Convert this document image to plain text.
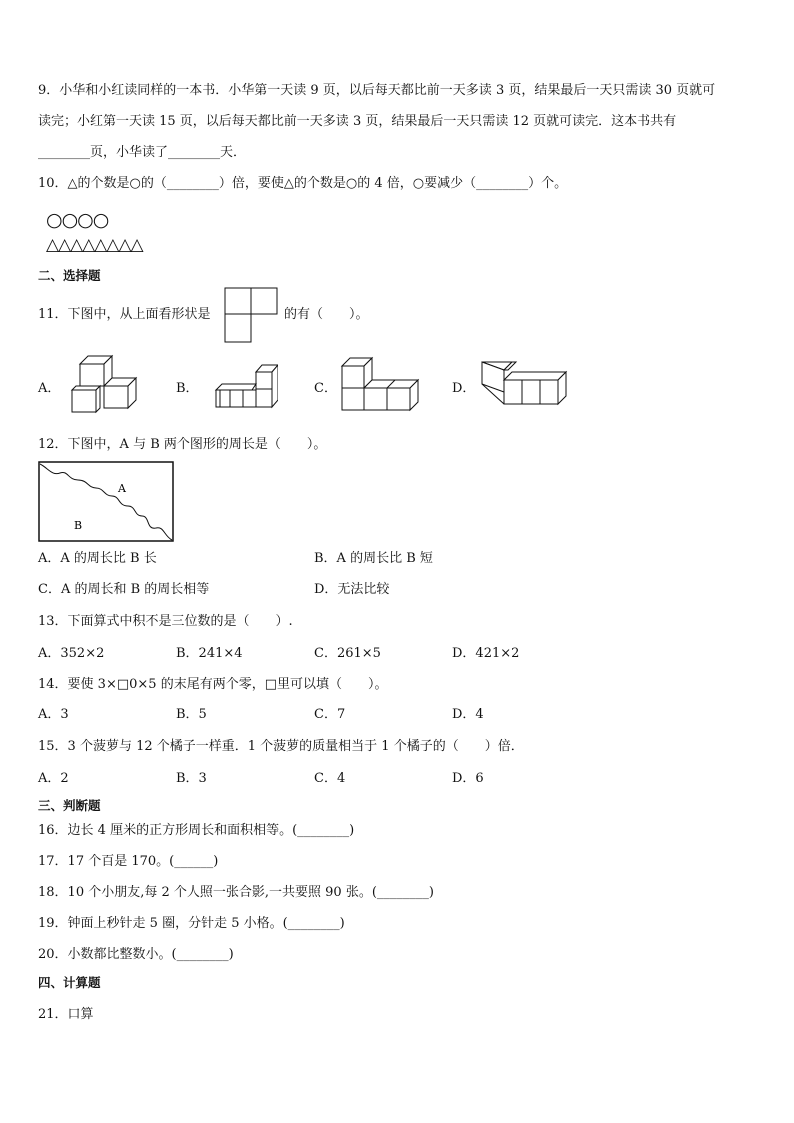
9．小华和小红读同样的一本书．小华第一天读 9 页，以后每天都比前一天多读 3 页，结果最后一天只需读 30 页就可
读完；小红第一天读 15 页，以后每天都比前一天多读 3 页，结果最后一天只需读 12 页就可读完．这本书共有
________页，小华读了________天．
10．△的个数是○的（________）倍，要使△的个数是○的 4 倍，○要减少（________）个。
○○○○
△△△△△△△△
二、选择题
11．下图中，从上面看形状是	的有（　　）。
A．	B．	C．	D．
12．下图中，A 与 B 两个图形的周长是（　　）。
A
B
A．A 的周长比 B 长	B．A 的周长比 B 短
C．A 的周长和 B 的周长相等	D．无法比较
13．下面算式中积不是三位数的是（　　）.
A．352×2	B．241×4	C．261×5	D．421×2
14．要使 3×□0×5 的末尾有两个零，□里可以填（　　）。
A．3	B．5	C．7	D．4
15．3 个菠萝与 12 个橘子一样重．1 个菠萝的质量相当于 1 个橘子的（　　）倍．
A．2	B．3	C．4	D．6
三、判断题
16．边长 4 厘米的正方形周长和面积相等。(________)
17．17 个百是 170。(______)
18．10 个小朋友,每 2 个人照一张合影,一共要照 90 张。(________)
19．钟面上秒针走 5 圈，分针走 5 小格。(________)
20．小数都比整数小。(________)
四、计算题
21．口算
